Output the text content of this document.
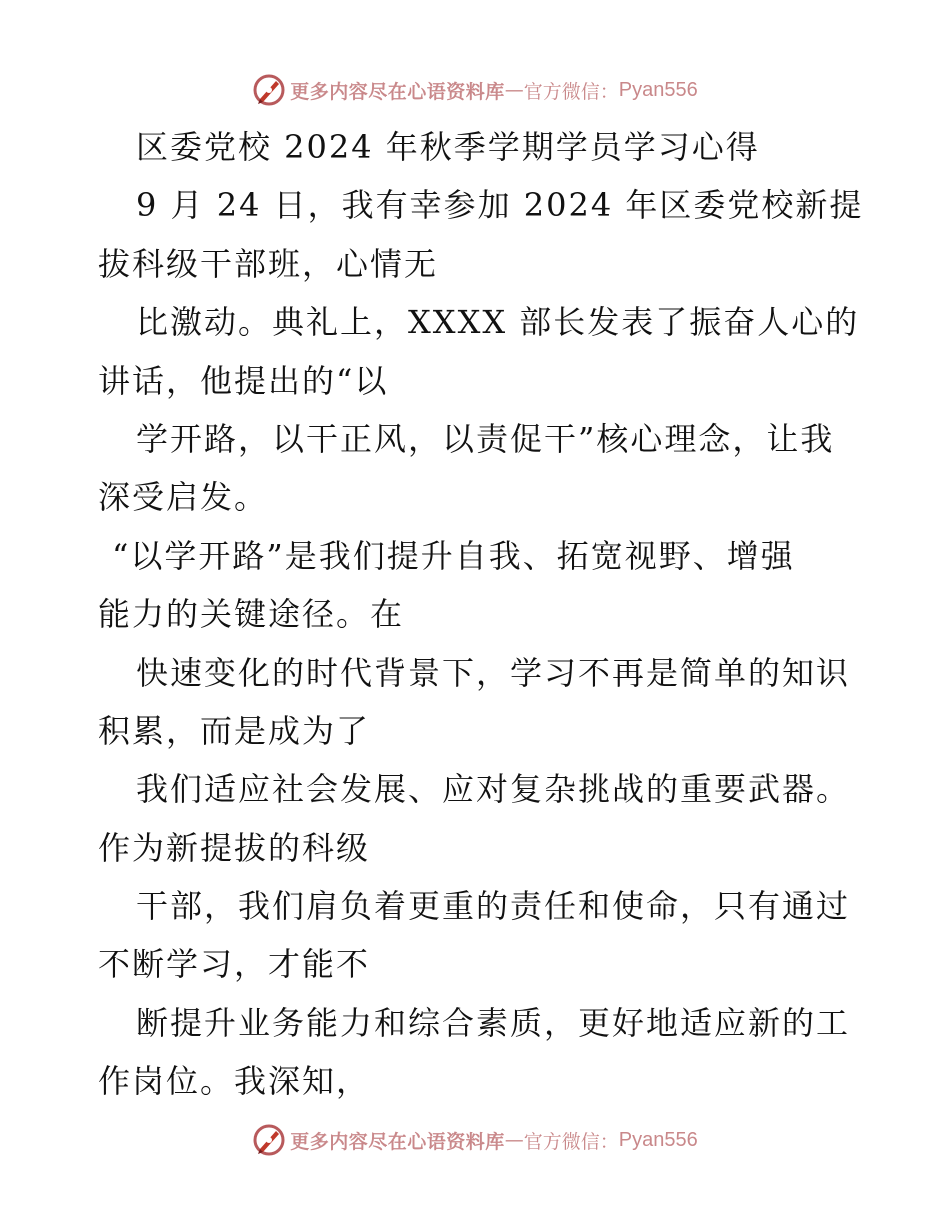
更多内容尽在心语资料库 — 官方微信： Pyan556
区委党校 2024 年秋季学期学员学习心得
9 月 24 日，我有幸参加 2024 年区委党校新提
拔科级干部班，心情无
比激动。典礼上，XXXX 部长发表了振奋人心的
讲话，他提出的“以
学开路，以干正风，以责促干”核心理念，让我
深受启发。
“以学开路”是我们提升自我、拓宽视野、增强
能力的关键途径。在
快速变化的时代背景下，学习不再是简单的知识
积累，而是成为了
我们适应社会发展、应对复杂挑战的重要武器。
作为新提拔的科级
干部，我们肩负着更重的责任和使命，只有通过
不断学习，才能不
断提升业务能力和综合素质，更好地适应新的工
作岗位。我深知，
更多内容尽在心语资料库 — 官方微信： Pyan556
